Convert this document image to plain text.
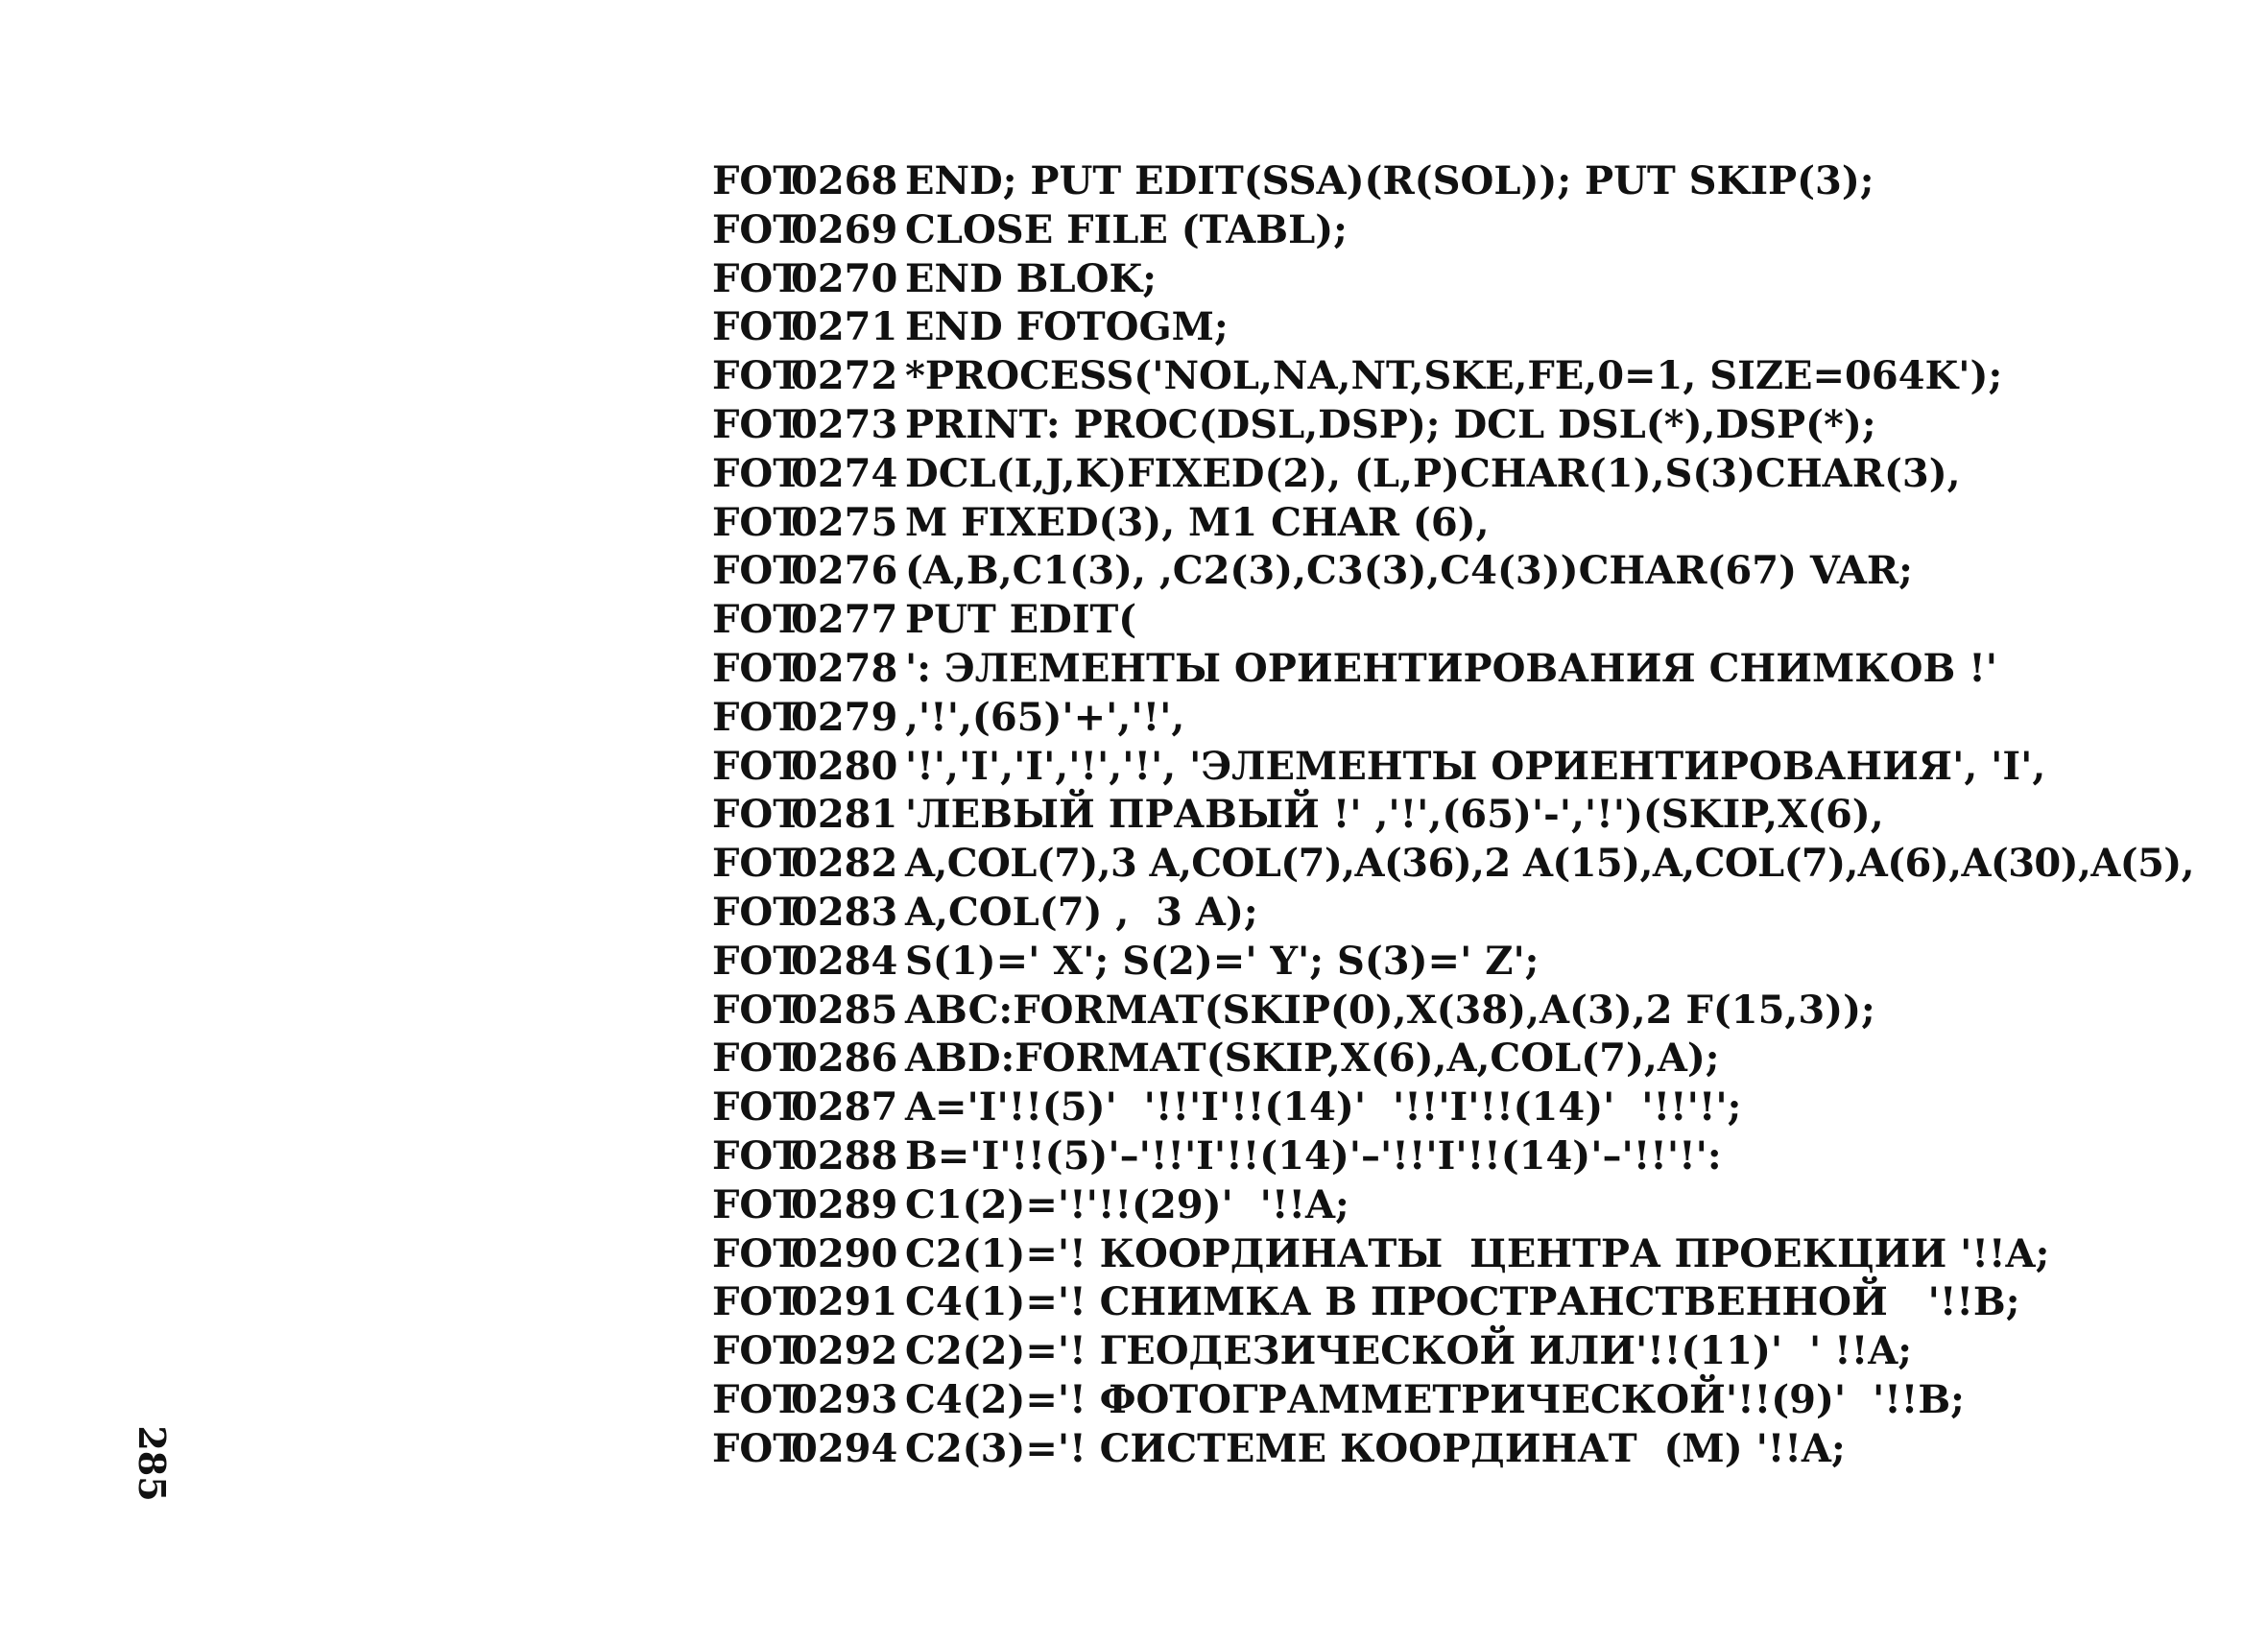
FOT0268 END; PUT EDIT(SSA)(R(SOL)); PUT SKIP(3);
FOT0269 CLOSE FILE (TABL);
FOT0270 END BLOK;
FOT0271 END FOTOGM;
FOT0272 *PROCESS('NOL,NA,NT,SKE,FE,0=1, SIZE=064K');
FOT0273 PRINT: PROC(DSL,DSP); DCL DSL(*),DSP(*);
FOT0274 DCL(I,J,K)FIXED(2), (L,P)CHAR(1),S(3)CHAR(3),
FOT0275 M FIXED(3), M1 CHAR (6),
FOT0276 (A,B,C1(3), ,C2(3),C3(3),C4(3))CHAR(67) VAR;
FOT0277 PUT EDIT(
FOT0278 ': ЭЛЕМЕНТЫ ОРИЕНТИРОВАНИЯ СНИМКОВ !'
FOT0279 ,'!',(65)'+','!',
FOT0280 '!','I','I','!','!', 'ЭЛЕМЕНТЫ ОРИЕНТИРОВАНИЯ', 'I',
FOT0281 'ЛЕВЫЙ ПРАВЫЙ !' ,'!',(65)'-','!')(SKIP,X(6),
FOT0282 A,COL(7),3 A,COL(7),A(36),2 A(15),A,COL(7),A(6),A(30),A(5),
FOT0283 A,COL(7) ,  3 A);
FOT0284 S(1)=' X'; S(2)=' Y'; S(3)=' Z';
FOT0285 ABC:FORMAT(SKIP(0),X(38),A(3),2 F(15,3));
FOT0286 ABD:FORMAT(SKIP,X(6),A,COL(7),A);
FOT0287 A='I'!!(5)'  '!!'I'!!(14)'  '!!'I'!!(14)'  '!!'!';
FOT0288 B='I'!!(5)'–'!!'I'!!(14)'–'!!'I'!!(14)'–'!!'!':
FOT0289 C1(2)='!'!!(29)'  '!!A;
FOT0290 C2(1)='! КООРДИНАТЫ  ЦЕНТРА ПРОЕКЦИИ '!!A;
FOT0291 C4(1)='! СНИМКА В ПРОСТРАНСТВЕННОЙ   '!!B;
FOT0292 C2(2)='! ГЕОДЕЗИЧЕСКОЙ ИЛИ'!!(11)'  ' !!A;
FOT0293 C4(2)='! ФОТОГРАММЕТРИЧЕСКОЙ'!!(9)'  '!!B;
FOT0294 C2(3)='! СИСТЕМЕ КООРДИНАТ  (М) '!!A;
285
